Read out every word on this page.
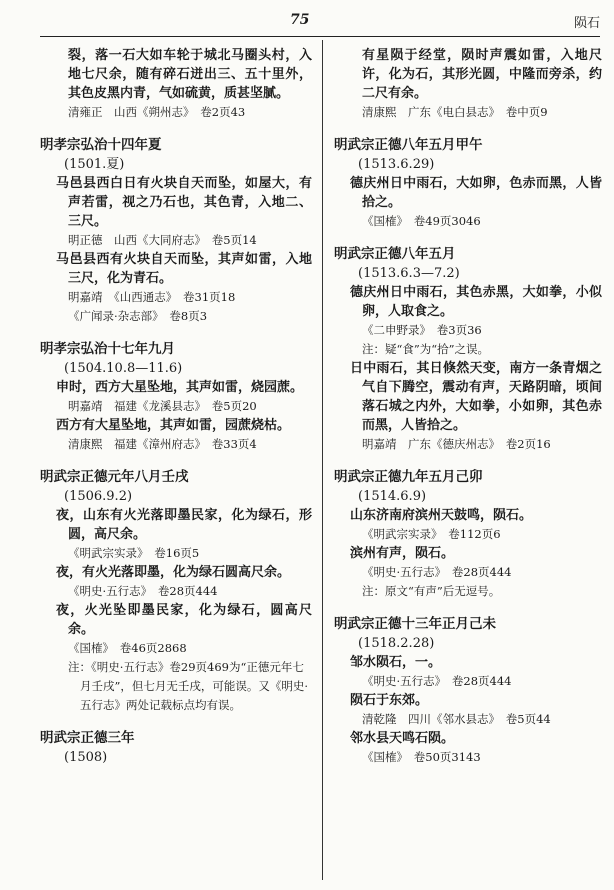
75	陨石
裂，落一石大如车轮于城北马圈头村，入地七尺余，随有碎石迸出三、五十里外，其色皮黑内青，气如硫黄，质甚坚腻。
清雍正　山西《朔州志》　卷2页43
明孝宗弘治十四年夏
(1501.夏)
马邑县西白日有火块自天而坠，如屋大，有声若雷，视之乃石也，其色青，入地二、三尺。
明正德　山西《大同府志》　卷5页14
马邑县西有火块自天而坠，其声如雷，入地三尺，化为青石。
明嘉靖　《山西通志》　卷31页18
《广闻录·杂志部》　卷8页3
明孝宗弘治十七年九月
(1504.10.8—11.6)
申时，西方大星坠地，其声如雷，烧园蔗。
明嘉靖　福建《龙溪县志》　卷5页20
西方有大星坠地，其声如雷，园蔗烧枯。
清康熙　福建《漳州府志》　卷33页4
明武宗正德元年八月壬戌
(1506.9.2)
夜，山东有火光落即墨民家，化为绿石，形圆，高尺余。
《明武宗实录》　卷16页5
夜，有火光落即墨，化为绿石圆高尺余。
《明史·五行志》　卷28页444
夜，火光坠即墨民家，化为绿石，圆高尺余。
《国榷》　卷46页2868
注：《明史·五行志》卷29页469为“正德元年七月壬戌”，但七月无壬戌，可能误。又《明史·五行志》两处记载标点均有误。
明武宗正德三年
(1508)
有星陨于经堂，陨时声震如雷，入地尺许，化为石，其形光圆，中隆而旁杀，约二尺有余。
清康熙　广东《电白县志》　卷中页9
明武宗正德八年五月甲午
(1513.6.29)
德庆州日中雨石，大如卵，色赤而黑，人皆拾之。
《国榷》　卷49页3046
明武宗正德八年五月
(1513.6.3—7.2)
德庆州日中雨石，其色赤黑，大如拳，小似卵，人取食之。
《二申野录》　卷3页36
注：疑“食”为“拾”之误。
日中雨石，其日倏然天变，南方一条青烟之气自下腾空，震动有声，天路阴暗，顷间落石城之内外，大如拳，小如卵，其色赤而黑，人皆拾之。
明嘉靖　广东《德庆州志》　卷2页16
明武宗正德九年五月己卯
(1514.6.9)
山东济南府滨州天鼓鸣，陨石。
《明武宗实录》　卷112页6
滨州有声，陨石。
《明史·五行志》　卷28页444
注：原文“有声”后无逗号。
明武宗正德十三年正月己未
(1518.2.28)
邹水陨石，一。
《明史·五行志》　卷28页444
陨石于东郊。
清乾隆　四川《邻水县志》　卷5页44
邻水县天鸣石陨。
《国榷》　卷50页3143
